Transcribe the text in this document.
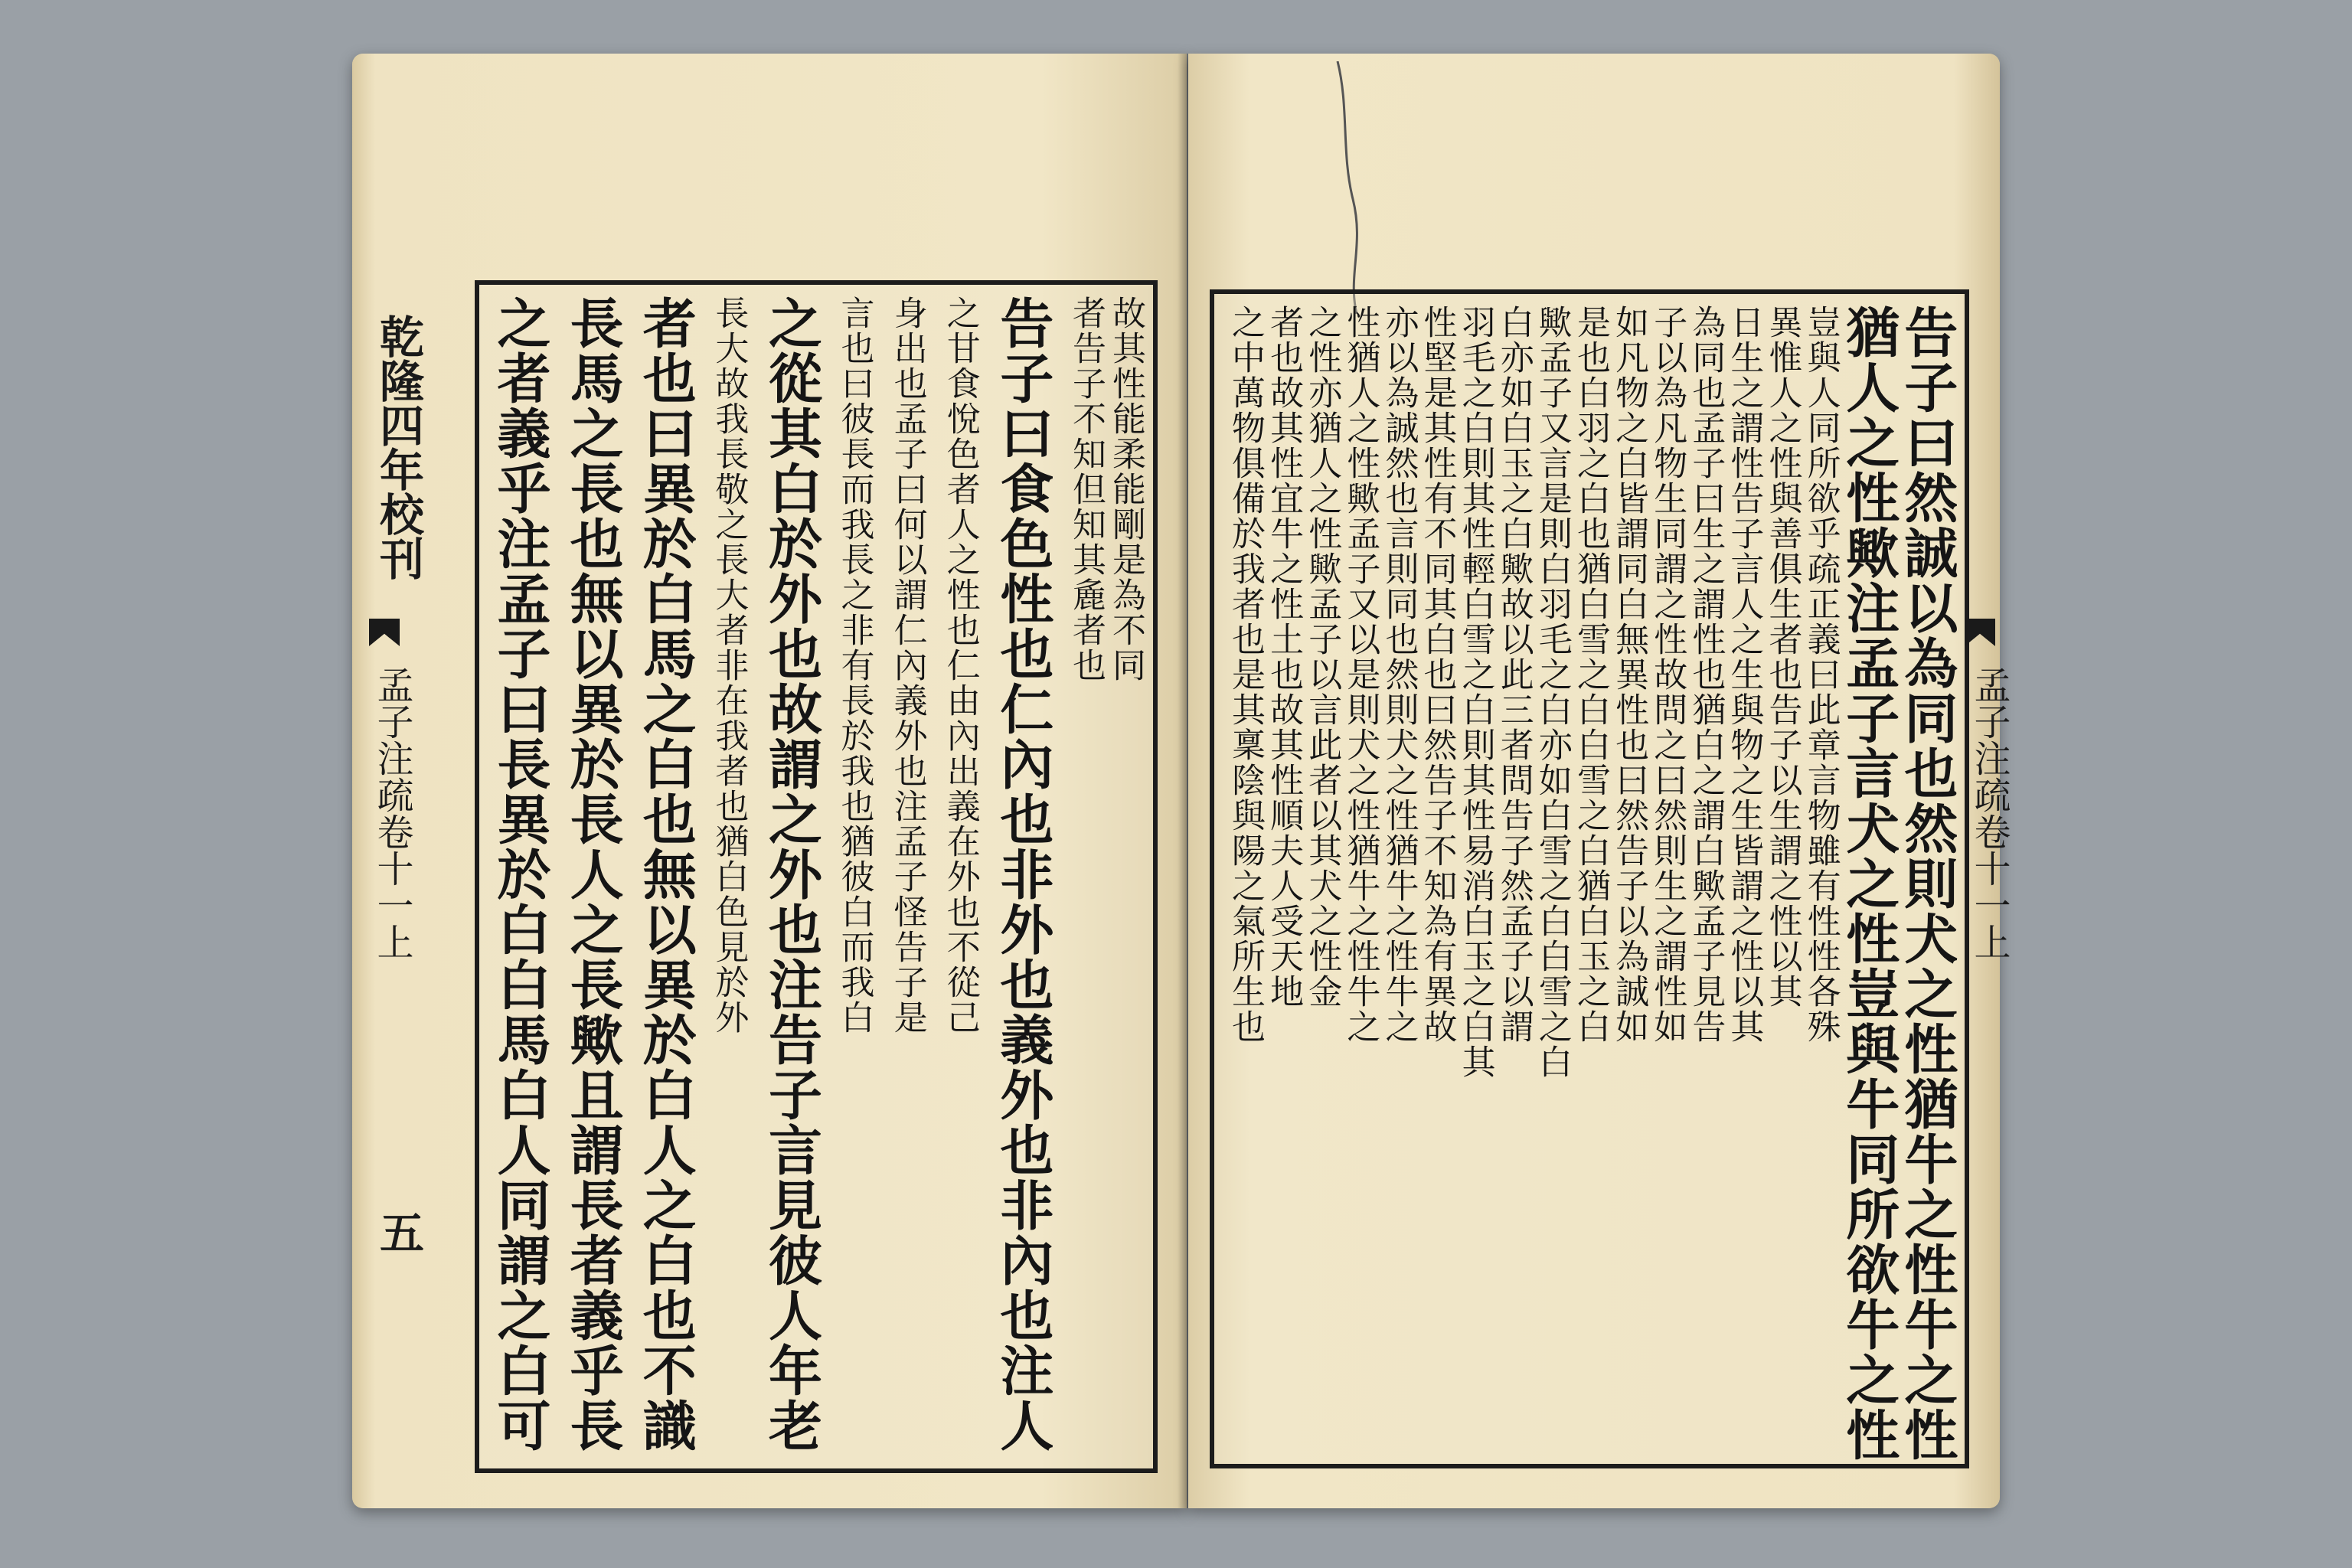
乾隆四年校刊
孟子注疏卷十一上
五
故其性能柔能剛是為不同
者告子不知但知其麁者也
告子曰食色性也仁內也非外也義外也非內也注人
之甘食悅色者人之性也仁由內出義在外也不從己
身出也孟子曰何以謂仁內義外也注孟子怪告子是
言也曰彼長而我長之非有長於我也猶彼白而我白
之從其白於外也故謂之外也注告子言見彼人年老
長大故我長敬之長大者非在我者也猶白色見於外
者也曰異於白馬之白也無以異於白人之白也不識
長馬之長也無以異於長人之長歟且謂長者義乎長
之者義乎注孟子曰長異於白白馬白人同謂之白可	告子曰然誠以為同也然則犬之性猶牛之性牛之性
猶人之性歟注孟子言犬之性豈與牛同所欲牛之性
豈與人同所欲乎疏正義曰此章言物雖有性性各殊
異惟人之性與善俱生者也告子以生謂之性以其
日生之謂性告子言人之生與物之生皆謂之性以其
為同也孟子曰生之謂性也猶白之謂白歟孟子見告
子以為凡物生同謂之性故問之曰然則生之謂性如
如凡物之白皆謂同白無異性也曰然告子以為誠如
是也白羽之白也猶白雪之白白雪之白猶白玉之白
歟孟子又言是則白羽毛之白亦如白雪之白白雪之白
白亦如白玉之白歟故以此三者問告子然孟子以謂
羽毛之白則其性輕白雪之白則其性易消白玉之白其
性堅是其性有不同其白也曰然告子不知為有異故
亦以為誠然也言則同也然則犬之性猶牛之性牛之
性猶人之性歟孟子又以是則犬之性猶牛之性牛之
之性亦猶人之性歟孟子以言此者以其犬之性金
者也故其性宜牛之性土也故其性順夫人受天地
之中萬物俱備於我者也是其稟陰與陽之氣所生也	孟子注疏卷十一上
